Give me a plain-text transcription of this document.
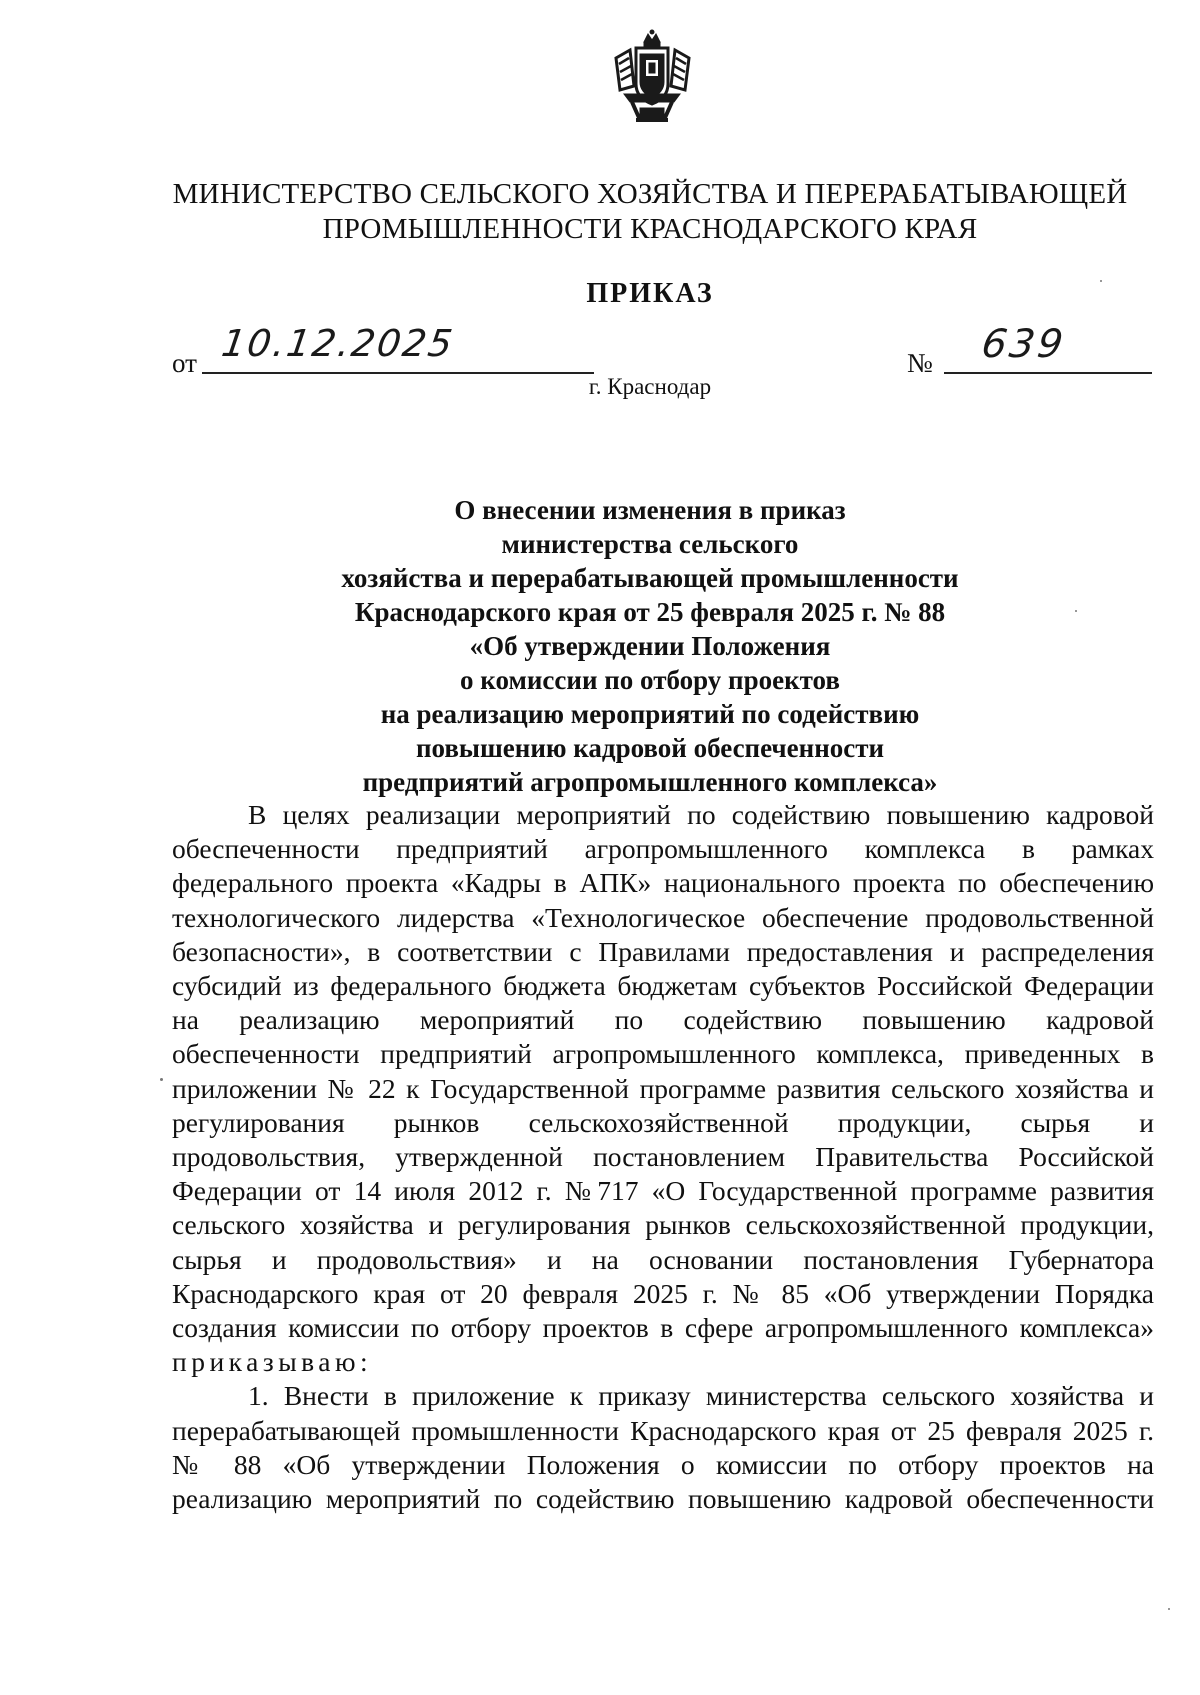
МИНИСТЕРСТВО СЕЛЬСКОГО ХОЗЯЙСТВА И ПЕРЕРАБАТЫВАЮЩЕЙ
ПРОМЫШЛЕННОСТИ КРАСНОДАРСКОГО КРАЯ
ПРИКАЗ
от 10.12.2025	№ 639
г. Краснодар
О внесении изменения в приказ
министерства сельского
хозяйства и перерабатывающей промышленности
Краснодарского края от 25 февраля 2025 г. № 88
«Об утверждении Положения
о комиссии по отбору проектов
на реализацию мероприятий по содействию
повышению кадровой обеспеченности
предприятий агропромышленного комплекса»
В целях реализации мероприятий по содействию повышению кадровой
обеспеченности предприятий агропромышленного комплекса в рамках
федерального проекта «Кадры в АПК» национального проекта по обеспечению
технологического лидерства «Технологическое обеспечение продовольственной
безопасности», в соответствии с Правилами предоставления и распределения
субсидий из федерального бюджета бюджетам субъектов Российской Федерации
на реализацию мероприятий по содействию повышению кадровой
обеспеченности предприятий агропромышленного комплекса, приведенных в
приложении № 22 к Государственной программе развития сельского хозяйства и
регулирования рынков сельскохозяйственной продукции, сырья и
продовольствия, утвержденной постановлением Правительства Российской
Федерации от 14 июля 2012 г. №717 «О Государственной программе развития
сельского хозяйства и регулирования рынков сельскохозяйственной продукции,
сырья и продовольствия» и на основании постановления Губернатора
Краснодарского края от 20 февраля 2025 г. № 85 «Об утверждении Порядка
создания комиссии по отбору проектов в сфере агропромышленного комплекса»
приказываю:
1. Внести в приложение к приказу министерства сельского хозяйства и
перерабатывающей промышленности Краснодарского края от 25 февраля 2025 г.
№ 88 «Об утверждении Положения о комиссии по отбору проектов на
реализацию мероприятий по содействию повышению кадровой обеспеченности
